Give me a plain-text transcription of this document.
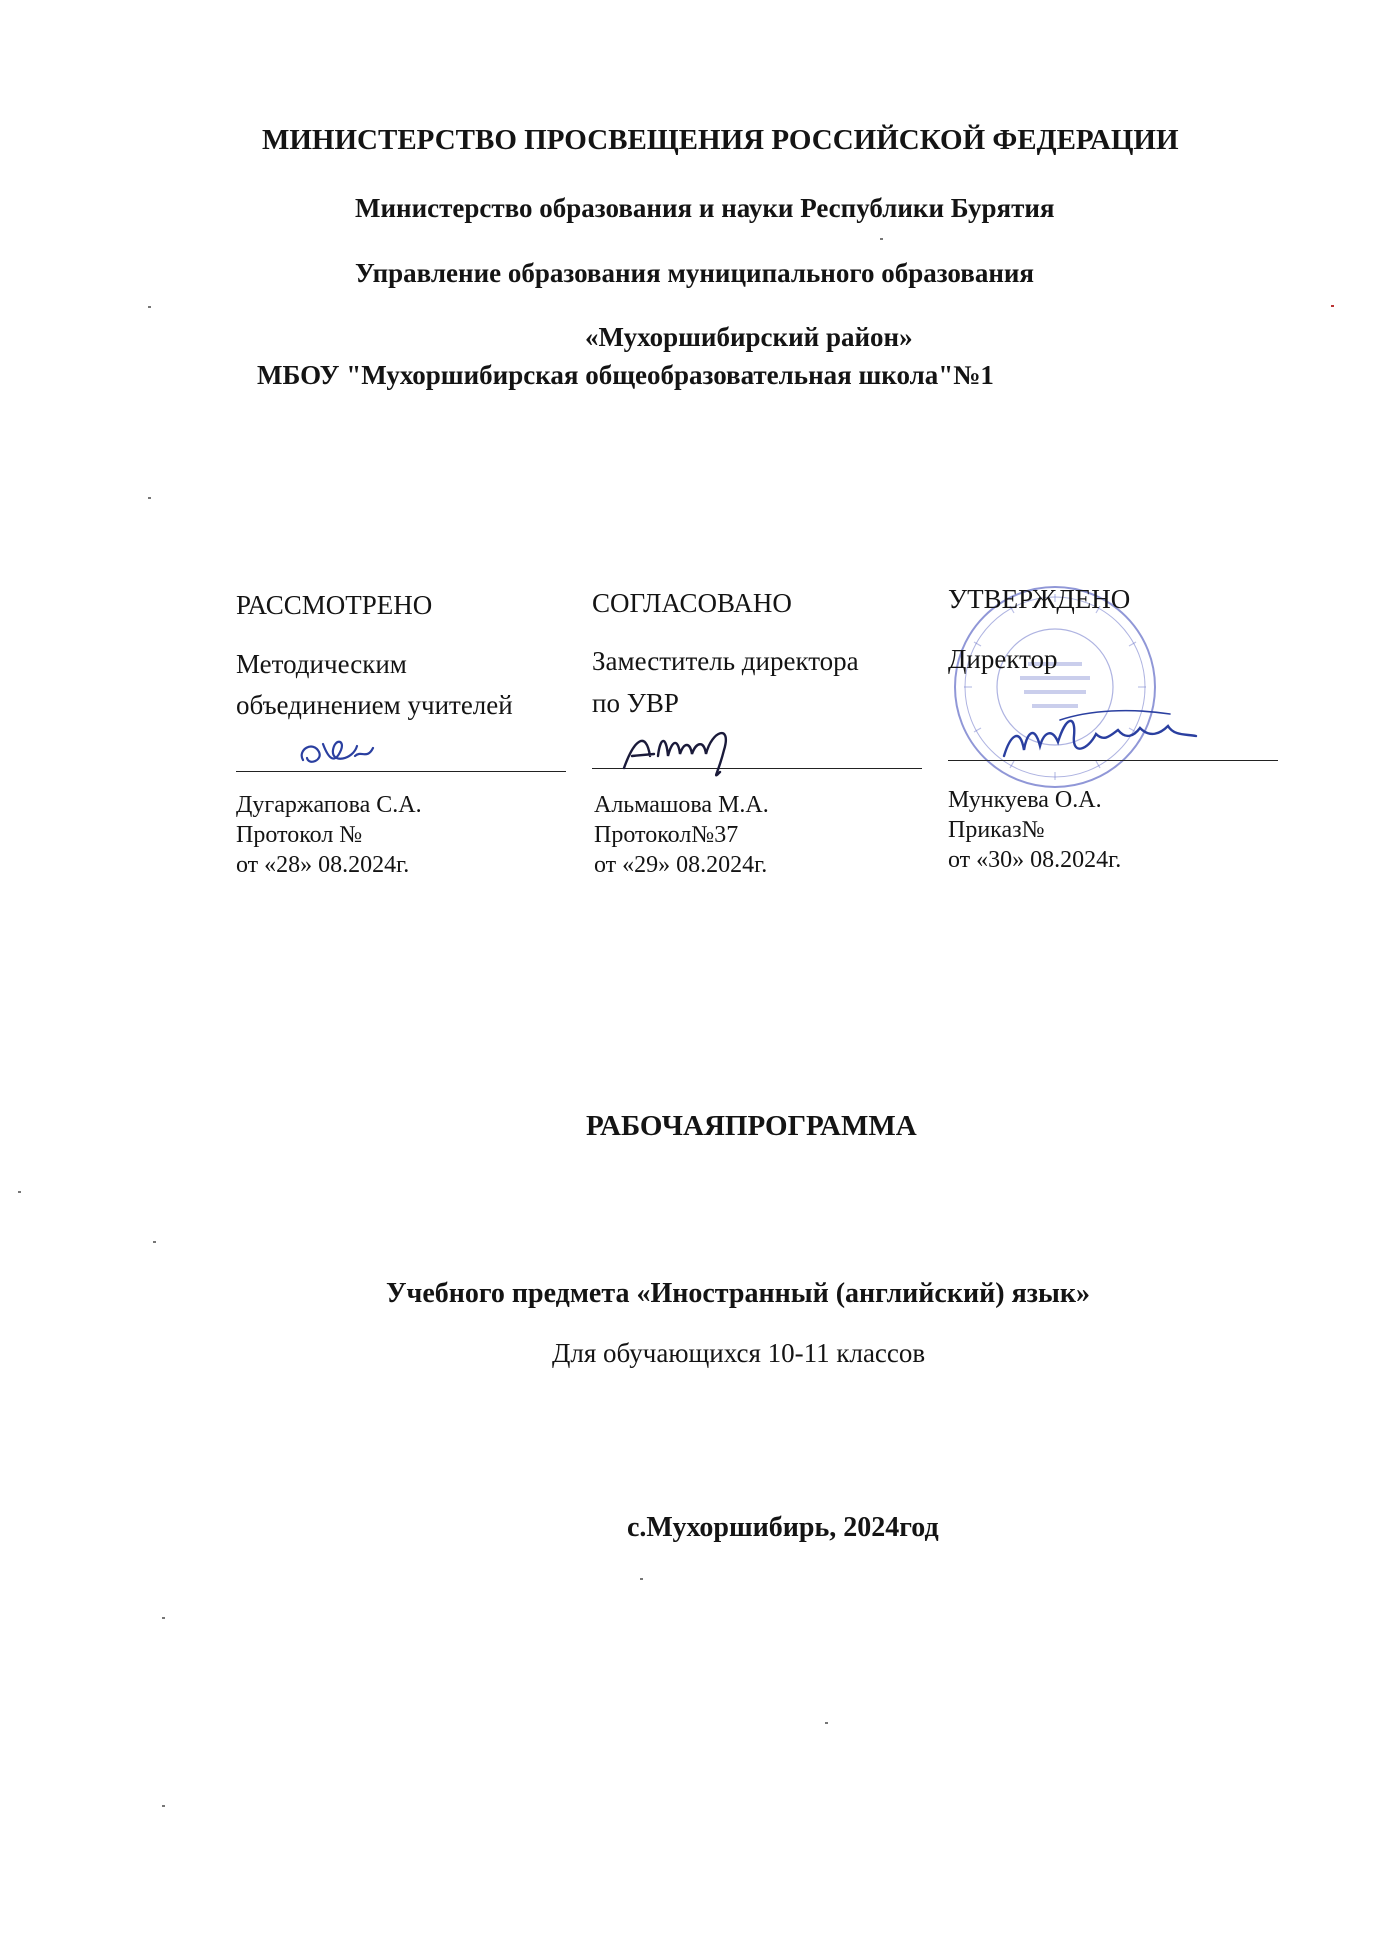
МИНИСТЕРСТВО ПРОСВЕЩЕНИЯ РОССИЙСКОЙ ФЕДЕРАЦИИ
Министерство образования и науки Республики Бурятия
Управление образования муниципального образования
«Мухоршибирский район»
МБОУ "Мухоршибирская общеобразовательная школа"№1
РАССМОТРЕНО
Методическим
объединением учителей
Дугаржапова С.А.
Протокол №
от «28» 08.2024г.
СОГЛАСОВАНО
Заместитель директора
по УВР
Альмашова М.А.
Протокол№37
от «29» 08.2024г.
УТВЕРЖДЕНО
Директор
Мункуева О.А.
Приказ№
от «30» 08.2024г.
РАБОЧАЯПРОГРАММА
Учебного предмета «Иностранный (английский) язык»
Для обучающихся 10-11 классов
с.Мухоршибирь, 2024год
